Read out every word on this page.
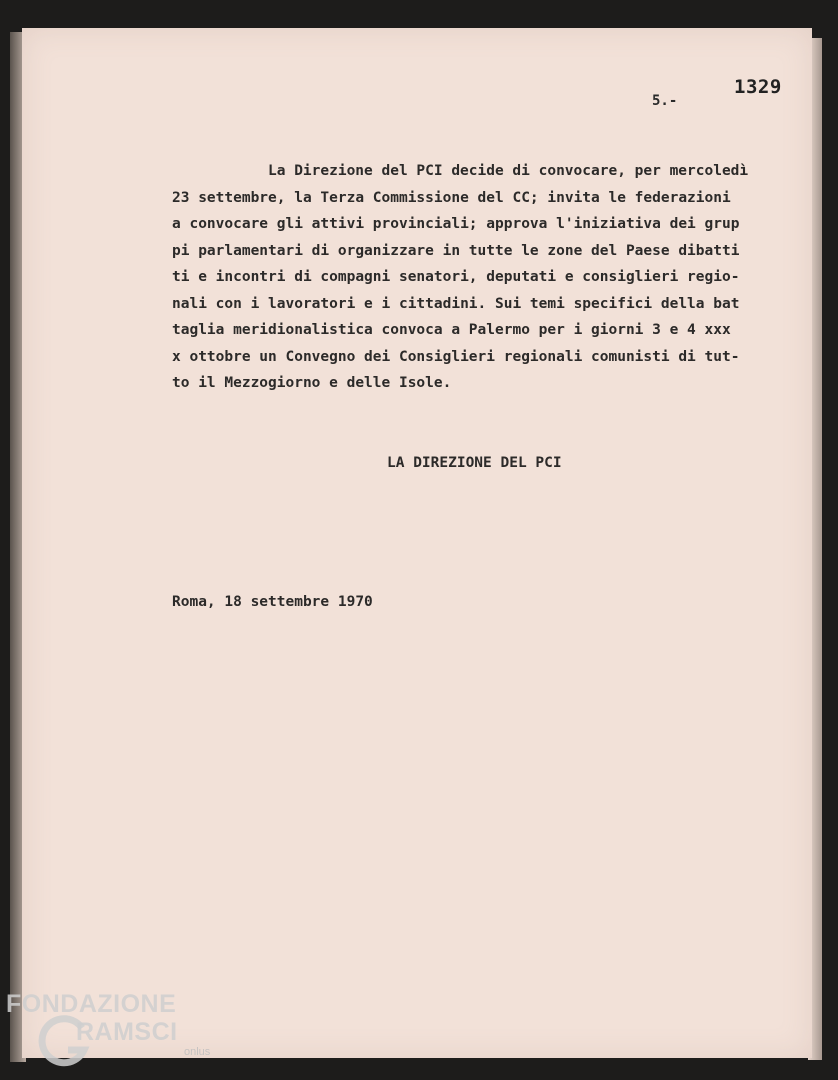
1329
5.-
La Direzione del PCI decide di convocare, per mercoledì
23 settembre, la Terza Commissione del CC; invita le federazioni
a convocare gli attivi provinciali; approva l'iniziativa dei grup
pi parlamentari di organizzare in tutte le zone del Paese dibatti
ti e incontri di compagni senatori, deputati e consiglieri regio-
nali con i lavoratori e i cittadini. Sui temi specifici della bat
taglia meridionalistica convoca a Palermo per i giorni 3 e 4 xxx
x ottobre un Convegno dei Consiglieri regionali comunisti di tut-
to il Mezzogiorno e delle Isole.
LA DIREZIONE DEL PCI
Roma, 18 settembre 1970
FONDAZIONE
RAMSCI
onlus
